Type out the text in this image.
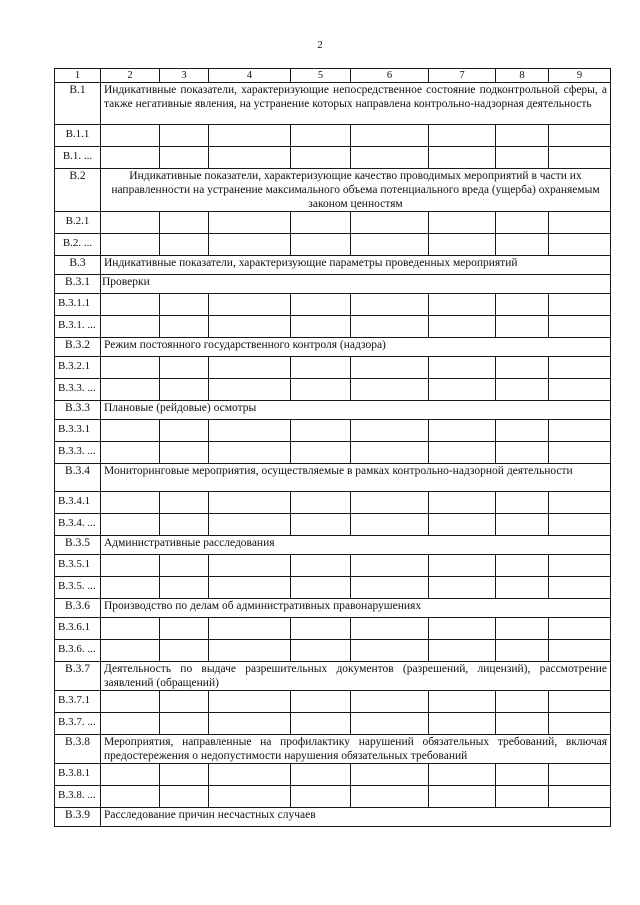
2
1	2	3	4	5	6	7	8	9
В.1	Индикативные показатели, характеризующие непосредственное состояние подконтрольной сферы, а также негативные явления, на устранение которых направлена контрольно-надзорная деятельность							
В.1.1								
В.1. ...								
В.2	Индикативные показатели, характеризующие качество проводимых мероприятий в части их направленности на устранение максимального объема потенциального вреда (ущерба) охраняемым законом ценностям							
В.2.1								
В.2. ...								
В.3	Индикативные показатели, характеризующие параметры проведенных мероприятий							
В.3.1	Проверки							
В.3.1.1								
В.3.1. ...								
В.3.2	Режим постоянного государственного контроля (надзора)							
В.3.2.1								
В.3.3. ...								
В.3.3	Плановые (рейдовые) осмотры							
В.3.3.1								
В.3.3. ...								
В.3.4	Мониторинговые мероприятия, осуществляемые в рамках контрольно-надзорной деятельности							
В.3.4.1								
В.3.4. ...								
В.3.5	Административные расследования							
В.3.5.1								
В.3.5. ...								
В.3.6	Производство по делам об административных правонарушениях							
В.3.6.1								
В.3.6. ...								
В.3.7	Деятельность по выдаче разрешительных документов (разрешений, лицензий), рассмотрение заявлений (обращений)							
В.3.7.1								
В.3.7. ...								
В.3.8	Мероприятия, направленные на профилактику нарушений обязательных требований, включая предостережения о недопустимости нарушения обязательных требований							
В.3.8.1								
В.3.8. ...								
В.3.9	Расследование причин несчастных случаев							
